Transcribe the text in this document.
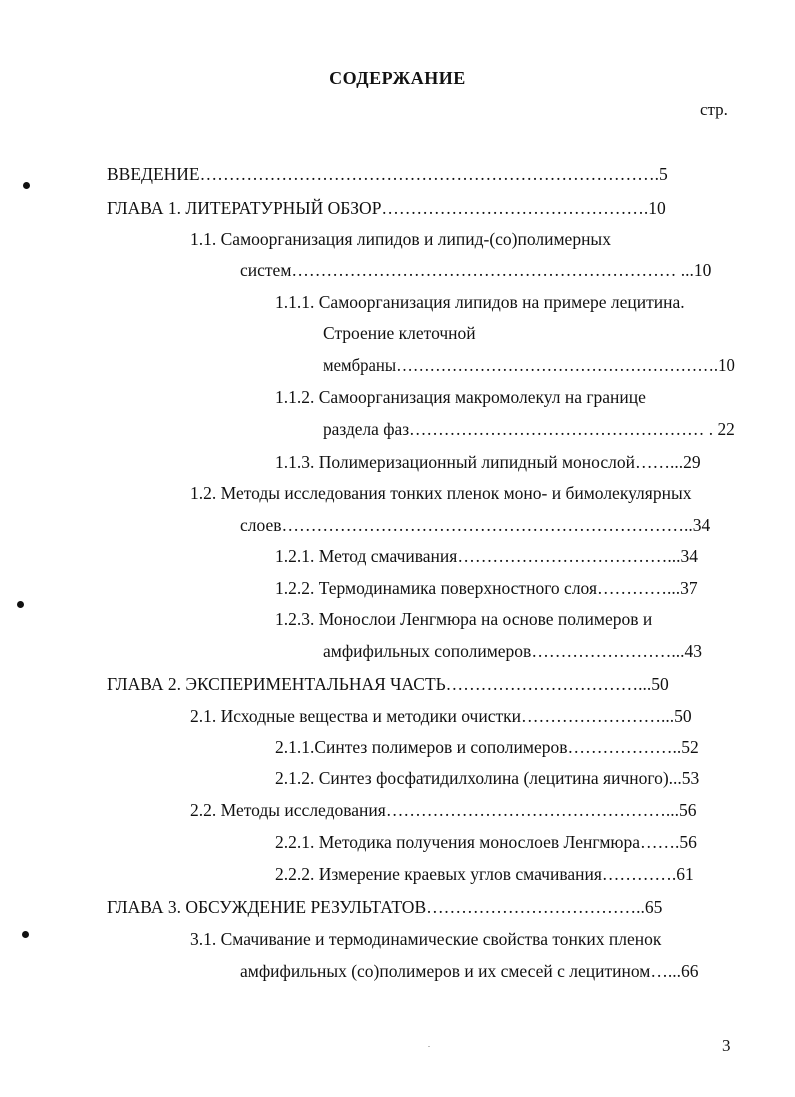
СОДЕРЖАНИЕ
стр.
ВВЕДЕНИЕ…………………………………………………………………….5
ГЛАВА 1. ЛИТЕРАТУРНЫЙ ОБЗОР……………………………………….10
1.1. Самоорганизация липидов и липид-(со)полимерных
систем………………………………………………………… ...10
1.1.1. Самоорганизация липидов на примере лецитина.
Строение клеточной
мембраны………………………………………………….10
1.1.2. Самоорганизация макромолекул на границе
раздела фаз…………………………………………… . 22
1.1.3. Полимеризационный липидный монослой……...29
1.2. Методы исследования тонких пленок моно- и бимолекулярных
слоев……………………………………………………………..34
1.2.1. Метод смачивания………………………………...34
1.2.2. Термодинамика поверхностного слоя…………...37
1.2.3. Монослои Ленгмюра на основе полимеров и
амфифильных сополимеров……………………...43
ГЛАВА 2. ЭКСПЕРИМЕНТАЛЬНАЯ ЧАСТЬ……………………………...50
2.1. Исходные вещества и методики очистки……………………...50
2.1.1.Синтез полимеров и сополимеров………………..52
2.1.2. Синтез фосфатидилхолина (лецитина яичного)...53
2.2. Методы исследования…………………………………………...56
2.2.1. Методика получения монослоев Ленгмюра…….56
2.2.2. Измерение краевых углов смачивания………….61
ГЛАВА 3. ОБСУЖДЕНИЕ РЕЗУЛЬТАТОВ………………………………..65
3.1. Смачивание и термодинамические свойства тонких пленок
амфифильных (со)полимеров и их смесей с лецитином…...66
3
